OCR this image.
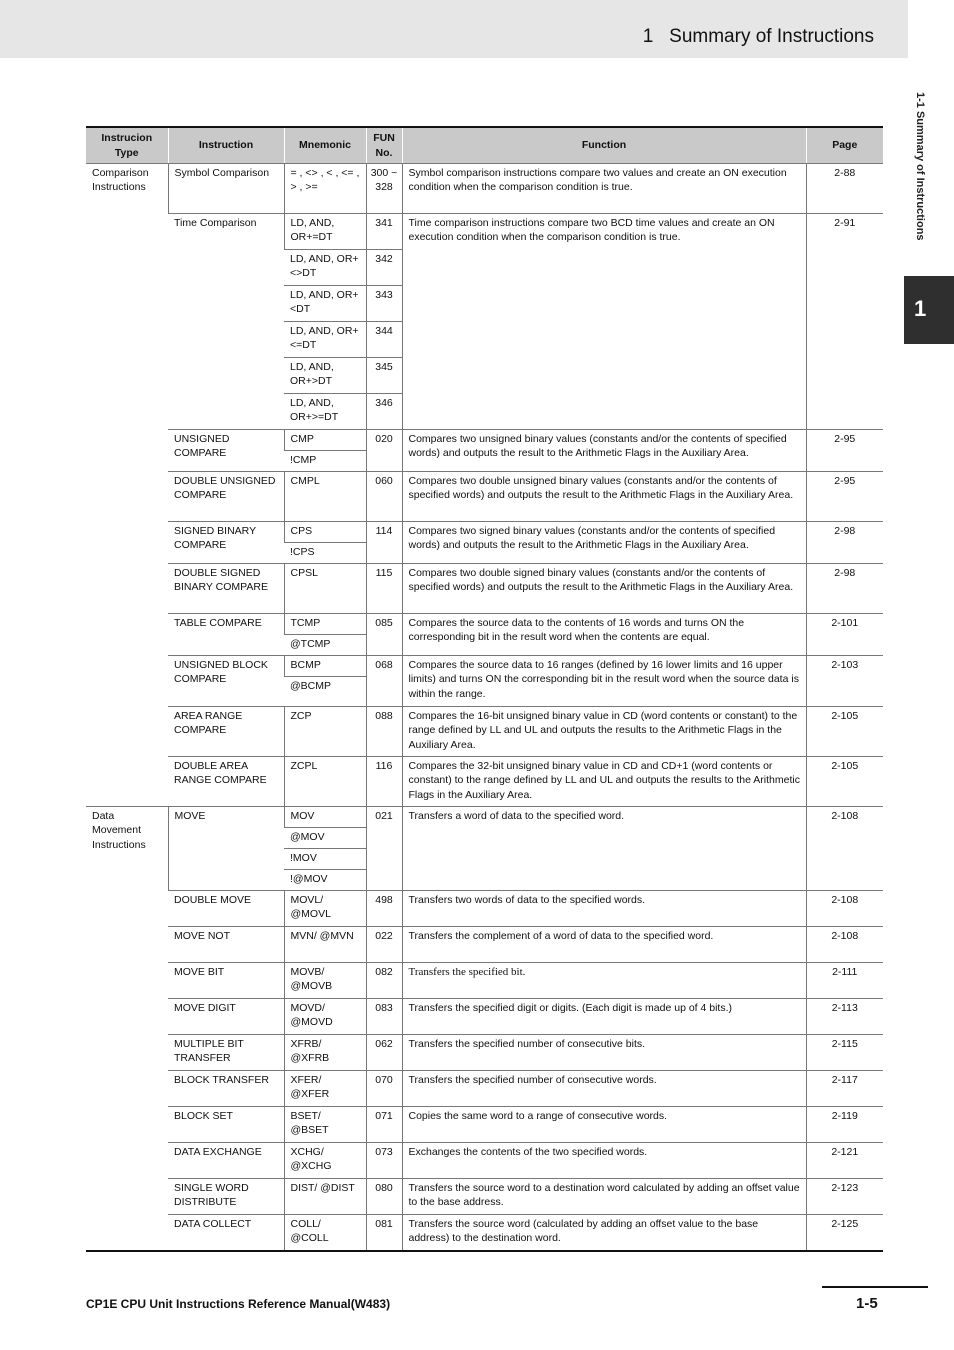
1   Summary of Instructions
1-1 Summary of Instructions
1
Instrucion Type	Instruction	Mnemonic	FUN No.	Function	Page
Comparison Instructions	Symbol Comparison	= , <> , < , <= , > , >=	300 ~ 328	Symbol comparison instructions compare two values and create an ON execution condition when the comparison condition is true.	2-88
	Time Comparison	LD, AND, OR+=DT	341	Time comparison instructions compare two BCD time values and create an ON execution condition when the comparison condition is true.	2-91
		LD, AND, OR+<>DT	342		
		LD, AND, OR+<DT	343		
		LD, AND, OR+<=DT	344		
		LD, AND, OR+>DT	345		
		LD, AND, OR+>=DT	346		
	UNSIGNED COMPARE	CMP	020	Compares two unsigned binary values (constants and/or the contents of specified words) and outputs the result to the Arithmetic Flags in the Auxiliary Area.	2-95
		!CMP			
	DOUBLE UNSIGNED COMPARE	CMPL	060	Compares two double unsigned binary values (constants and/or the contents of specified words) and outputs the result to the Arithmetic Flags in the Auxiliary Area.	2-95
	SIGNED BINARY COMPARE	CPS	114	Compares two signed binary values (constants and/or the contents of specified words) and outputs the result to the Arithmetic Flags in the Auxiliary Area.	2-98
		!CPS			
	DOUBLE SIGNED BINARY COMPARE	CPSL	115	Compares two double signed binary values (constants and/or the contents of specified words) and outputs the result to the Arithmetic Flags in the Auxiliary Area.	2-98
	TABLE COMPARE	TCMP	085	Compares the source data to the contents of 16 words and turns ON the corresponding bit in the result word when the contents are equal.	2-101
		@TCMP			
	UNSIGNED BLOCK COMPARE	BCMP	068	Compares the source data to 16 ranges (defined by 16 lower limits and 16 upper limits) and turns ON the corresponding bit in the result word when the source data is within the range.	2-103
		@BCMP			
	AREA RANGE COMPARE	ZCP	088	Compares the 16-bit unsigned binary value in CD (word contents or constant) to the range defined by LL and UL and outputs the results to the Arithmetic Flags in the Auxiliary Area.	2-105
	DOUBLE AREA RANGE COMPARE	ZCPL	116	Compares the 32-bit unsigned binary value in CD and CD+1 (word contents or constant) to the range defined by LL and UL and outputs the results to the Arithmetic Flags in the Auxiliary Area.	2-105
Data Movement Instructions	MOVE	MOV	021	Transfers a word of data to the specified word.	2-108
		@MOV			
		!MOV			
		!@MOV			
	DOUBLE MOVE	MOVL/ @MOVL	498	Transfers two words of data to the specified words.	2-108
	MOVE NOT	MVN/ @MVN	022	Transfers the complement of a word of data to the specified word.	2-108
	MOVE BIT	MOVB/ @MOVB	082	Transfers the specified bit.	2-111
	MOVE DIGIT	MOVD/ @MOVD	083	Transfers the specified digit or digits. (Each digit is made up of 4 bits.)	2-113
	MULTIPLE BIT TRANSFER	XFRB/ @XFRB	062	Transfers the specified number of consecutive bits.	2-115
	BLOCK TRANSFER	XFER/ @XFER	070	Transfers the specified number of consecutive words.	2-117
	BLOCK SET	BSET/ @BSET	071	Copies the same word to a range of consecutive words.	2-119
	DATA EXCHANGE	XCHG/ @XCHG	073	Exchanges the contents of the two specified words.	2-121
	SINGLE WORD DISTRIBUTE	DIST/ @DIST	080	Transfers the source word to a destination word calculated by adding an offset value to the base address.	2-123
	DATA COLLECT	COLL/ @COLL	081	Transfers the source word (calculated by adding an offset value to the base address) to the destination word.	2-125
CP1E CPU Unit Instructions Reference Manual(W483)	1-5
